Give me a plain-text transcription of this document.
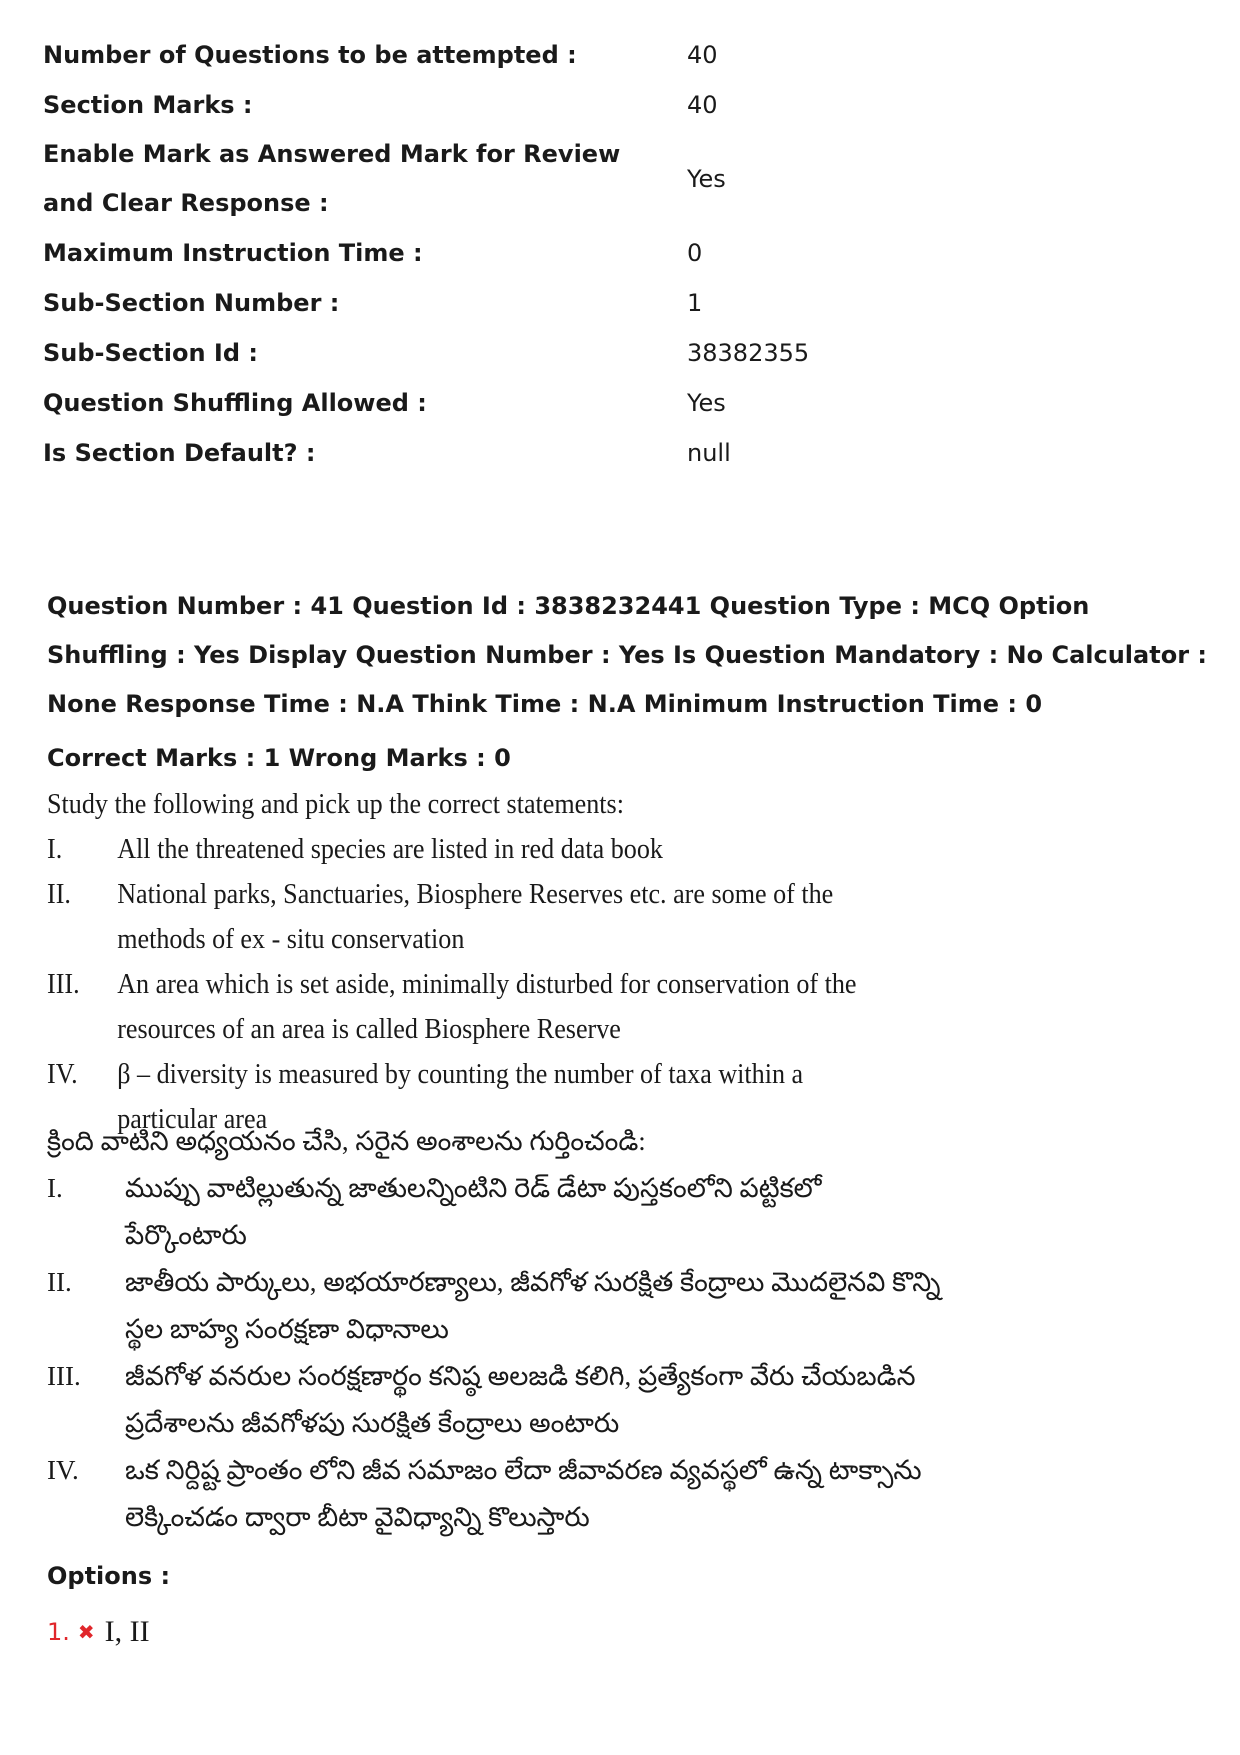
Number of Questions to be attempted :	40
Section Marks :	40
Enable Mark as Answered Mark for Review and Clear Response :
Yes
Maximum Instruction Time :	0
Sub-Section Number :	1
Sub-Section Id :	38382355
Question Shuffling Allowed :	Yes
Is Section Default? :	null
Question Number : 41 Question Id : 3838232441 Question Type : MCQ Option Shuffling : Yes Display Question Number : Yes Is Question Mandatory : No Calculator : None Response Time : N.A Think Time : N.A Minimum Instruction Time : 0
Correct Marks : 1 Wrong Marks : 0
Study the following and pick up the correct statements:
I.	All the threatened species are listed in red data book
II.	National parks, Sanctuaries, Biosphere Reserves etc. are some of the methods of ex - situ conservation
III.	An area which is set aside, minimally disturbed for conservation of the resources of an area is called Biosphere Reserve
IV.	β – diversity is measured by counting the number of taxa within a particular area
క్రింది వాటిని అధ్యయనం చేసి, సరైన అంశాలను గుర్తించండి:
I.	ముప్పు వాటిల్లుతున్న జాతులన్నింటిని రెడ్ డేటా పుస్తకంలోని పట్టికలో పేర్కొంటారు
II.	జాతీయ పార్కులు, అభయారణ్యాలు, జీవగోళ సురక్షిత కేంద్రాలు మొదలైనవి కొన్ని స్థల బాహ్య సంరక్షణా విధానాలు
III.	జీవగోళ వనరుల సంరక్షణార్థం కనిష్ఠ అలజడి కలిగి, ప్రత్యేకంగా వేరు చేయబడిన ప్రదేశాలను జీవగోళపు సురక్షిత కేంద్రాలు అంటారు
IV.	ఒక నిర్దిష్ట ప్రాంతం లోని జీవ సమాజం లేదా జీవావరణ వ్యవస్థలో ఉన్న టాక్సాను లెక్కించడం ద్వారా బీటా వైవిధ్యాన్ని కొలుస్తారు
Options :
1. ✖ I, II
